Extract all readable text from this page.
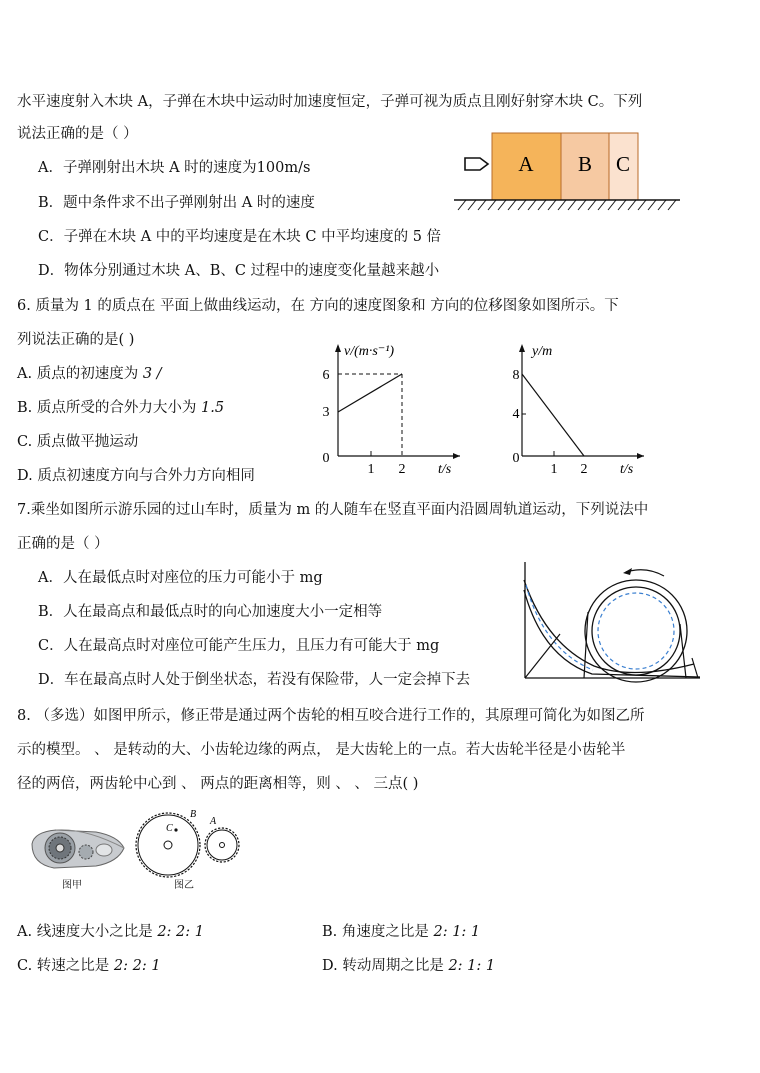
水平速度射入木块 A，子弹在木块中运动时加速度恒定，子弹可视为质点且刚好射穿木块 C。下列
说法正确的是（ ）
A．子弹刚射出木块 A 时的速度为100m/s
B．题中条件求不出子弹刚射出 A 时的速度
C．子弹在木块 A 中的平均速度是在木块 C 中平均速度的 5 倍
D．物体分别通过木块 A、B、C 过程中的速度变化量越来越小
A B C
6. 质量为 1 的质点在 平面上做曲线运动，在 方向的速度图象和 方向的位移图象如图所示。下
列说法正确的是( )
A. 质点的初速度为 3 /
B. 质点所受的合外力大小为 1.5
C. 质点做平抛运动
D. 质点初速度方向与合外力方向相同
v/(m·s⁻¹)
6
3
0
1 2 t/s
y/m
8
4
0
1 2 t/s
7.乘坐如图所示游乐园的过山车时，质量为 m 的人随车在竖直平面内沿圆周轨道运动，下列说法中
正确的是（ ）
A．人在最低点时对座位的压力可能小于 mg
B．人在最高点和最低点时的向心加速度大小一定相等
C．人在最高点时对座位可能产生压力，且压力有可能大于 mg
D．车在最高点时人处于倒坐状态，若没有保险带，人一定会掉下去
8. （多选）如图甲所示，修正带是通过两个齿轮的相互咬合进行工作的，其原理可简化为如图乙所
示的模型。 、 是转动的大、小齿轮边缘的两点， 是大齿轮上的一点。若大齿轮半径是小齿轮半
径的两倍，两齿轮中心到 、 两点的距离相等，则 、 、 三点( )
图甲
B
C
A
图乙
A. 线速度大小之比是 2: 2: 1	B. 角速度之比是 2: 1: 1
C. 转速之比是 2: 2: 1	D. 转动周期之比是 2: 1: 1
